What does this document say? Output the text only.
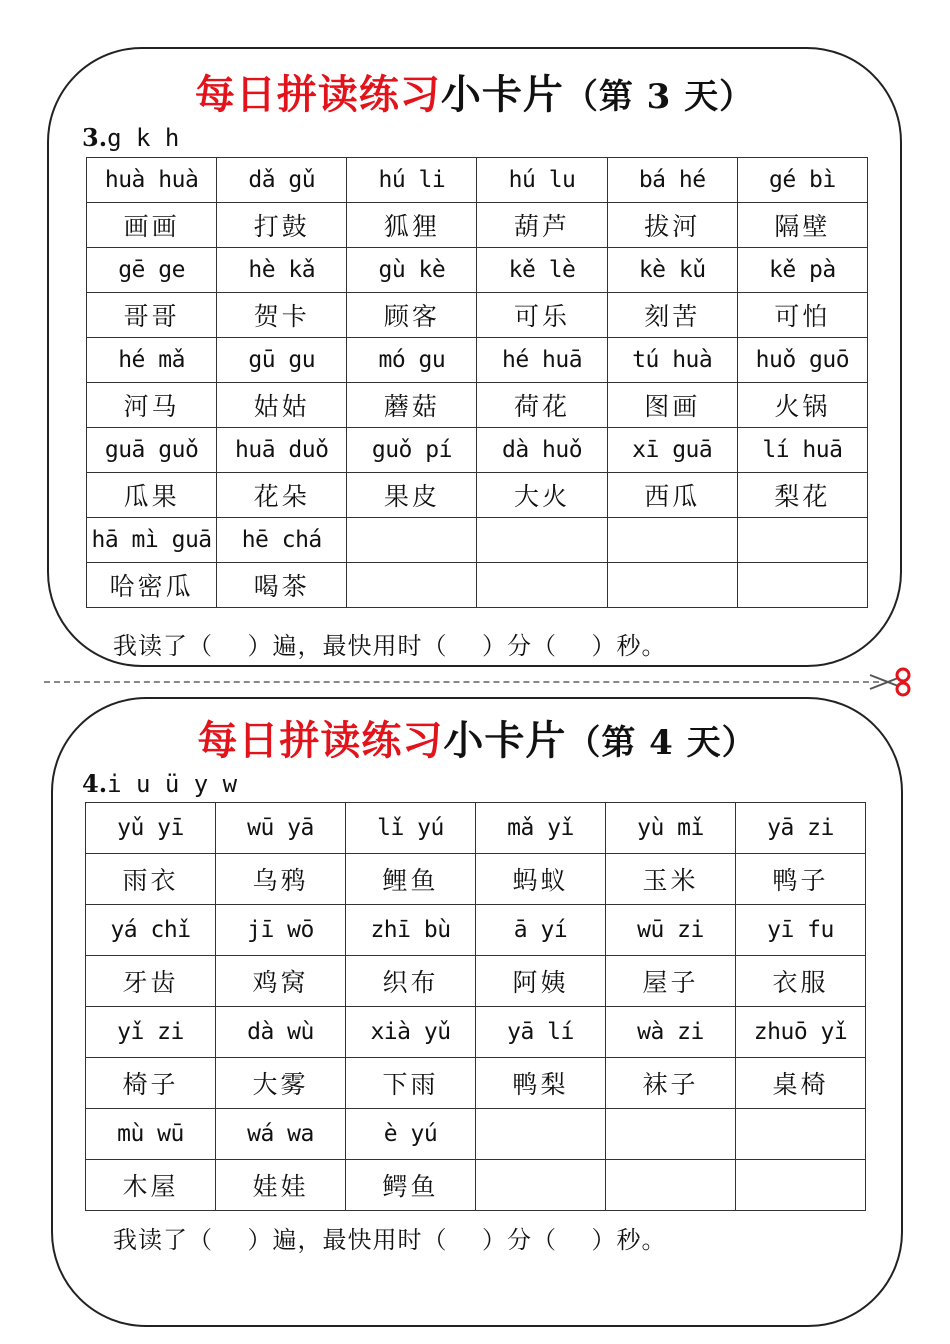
每日拼读练习小卡片（第 3 天）
3.g k h
huà huà	dǎ gǔ	hú li	hú lu	bá hé	gé bì
画画	打鼓	狐狸	葫芦	拔河	隔壁
gē ge	hè kǎ	gù kè	kě lè	kè kǔ	kě pà
哥哥	贺卡	顾客	可乐	刻苦	可怕
hé mǎ	gū gu	mó gu	hé huā	tú huà	huǒ guō
河马	姑姑	蘑菇	荷花	图画	火锅
guā guǒ	huā duǒ	guǒ pí	dà huǒ	xī guā	lí huā
瓜果	花朵	果皮	大火	西瓜	梨花
hā mì guā	hē chá				
哈密瓜	喝茶				
我读了（    ）遍，最快用时（    ）分（    ）秒。
每日拼读练习小卡片（第 4 天）
4.i u ü y w
yǔ yī	wū yā	lǐ yú	mǎ yǐ	yù mǐ	yā zi
雨衣	乌鸦	鲤鱼	蚂蚁	玉米	鸭子
yá chǐ	jī wō	zhī bù	ā yí	wū zi	yī fu
牙齿	鸡窝	织布	阿姨	屋子	衣服
yǐ zi	dà wù	xià yǔ	yā lí	wà zi	zhuō yǐ
椅子	大雾	下雨	鸭梨	袜子	桌椅
mù wū	wá wa	è yú			
木屋	娃娃	鳄鱼			
我读了（    ）遍，最快用时（    ）分（    ）秒。
